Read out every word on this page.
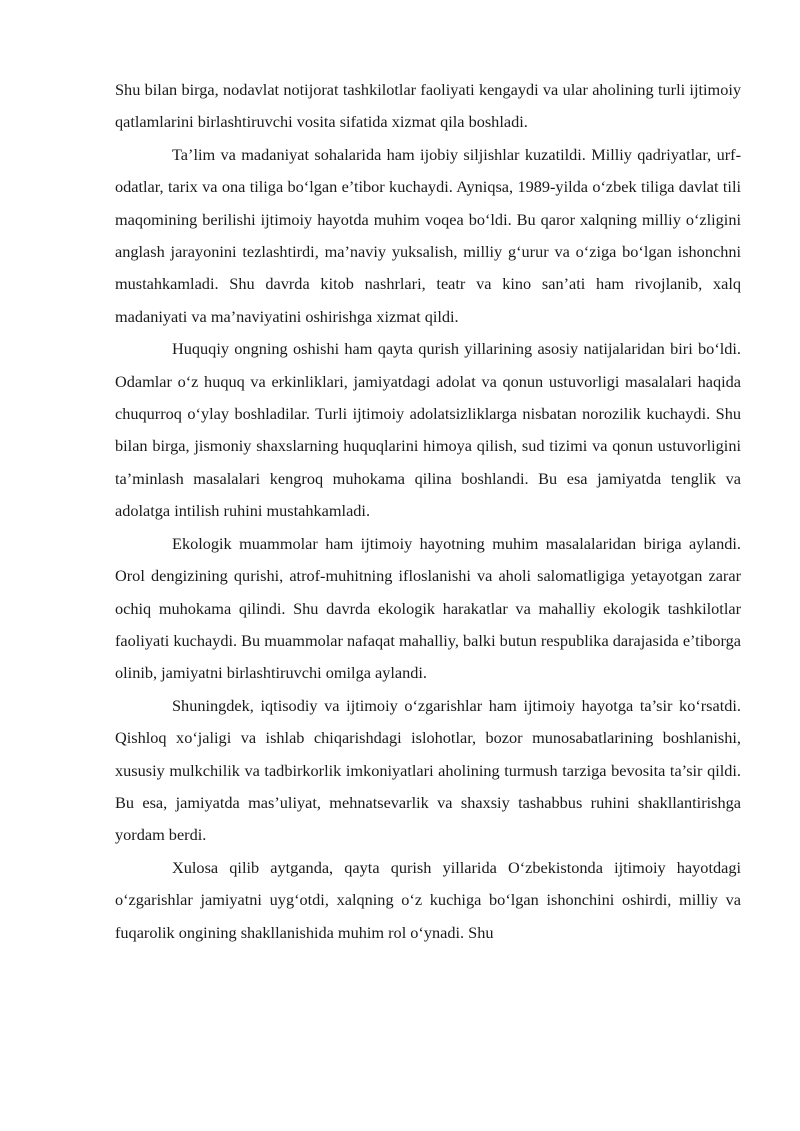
Shu bilan birga, nodavlat notijorat tashkilotlar faoliyati kengaydi va ular aholining turli ijtimoiy qatlamlarini birlashtiruvchi vosita sifatida xizmat qila boshladi.

Ta’lim va madaniyat sohalarida ham ijobiy siljishlar kuzatildi. Milliy qadriyatlar, urf-odatlar, tarix va ona tiliga bo‘lgan e’tibor kuchaydi. Ayniqsa, 1989-yilda o‘zbek tiliga davlat tili maqomining berilishi ijtimoiy hayotda muhim voqea bo‘ldi. Bu qaror xalqning milliy o‘zligini anglash jarayonini tezlashtirdi, ma’naviy yuksalish, milliy g‘urur va o‘ziga bo‘lgan ishonchni mustahkamladi. Shu davrda kitob nashrlari, teatr va kino san’ati ham rivojlanib, xalq madaniyati va ma’naviyatini oshirishga xizmat qildi.

Huquqiy ongning oshishi ham qayta qurish yillarining asosiy natijalaridan biri bo‘ldi. Odamlar o‘z huquq va erkinliklari, jamiyatdagi adolat va qonun ustuvorligi masalalari haqida chuqurroq o‘ylay boshladilar. Turli ijtimoiy adolatsizliklarga nisbatan norozilik kuchaydi. Shu bilan birga, jismoniy shaxslarning huquqlarini himoya qilish, sud tizimi va qonun ustuvorligini ta’minlash masalalari kengroq muhokama qilina boshlandi. Bu esa jamiyatda tenglik va adolatga intilish ruhini mustahkamladi.

Ekologik muammolar ham ijtimoiy hayotning muhim masalalaridan biriga aylandi. Orol dengizining qurishi, atrof-muhitning ifloslanishi va aholi salomatligiga yetayotgan zarar ochiq muhokama qilindi. Shu davrda ekologik harakatlar va mahalliy ekologik tashkilotlar faoliyati kuchaydi. Bu muammolar nafaqat mahalliy, balki butun respublika darajasida e’tiborga olinib, jamiyatni birlashtiruvchi omilga aylandi.

Shuningdek, iqtisodiy va ijtimoiy o‘zgarishlar ham ijtimoiy hayotga ta’sir ko‘rsatdi. Qishloq xo‘jaligi va ishlab chiqarishdagi islohotlar, bozor munosabatlarining boshlanishi, xususiy mulkchilik va tadbirkorlik imkoniyatlari aholining turmush tarziga bevosita ta’sir qildi. Bu esa, jamiyatda mas’uliyat, mehnatsevarlik va shaxsiy tashabbus ruhini shakllantirishga yordam berdi.

Xulosa qilib aytganda, qayta qurish yillarida O‘zbekistonda ijtimoiy hayotdagi o‘zgarishlar jamiyatni uyg‘otdi, xalqning o‘z kuchiga bo‘lgan ishonchini oshirdi, milliy va fuqarolik ongining shakllanishida muhim rol o‘ynadi. Shu
